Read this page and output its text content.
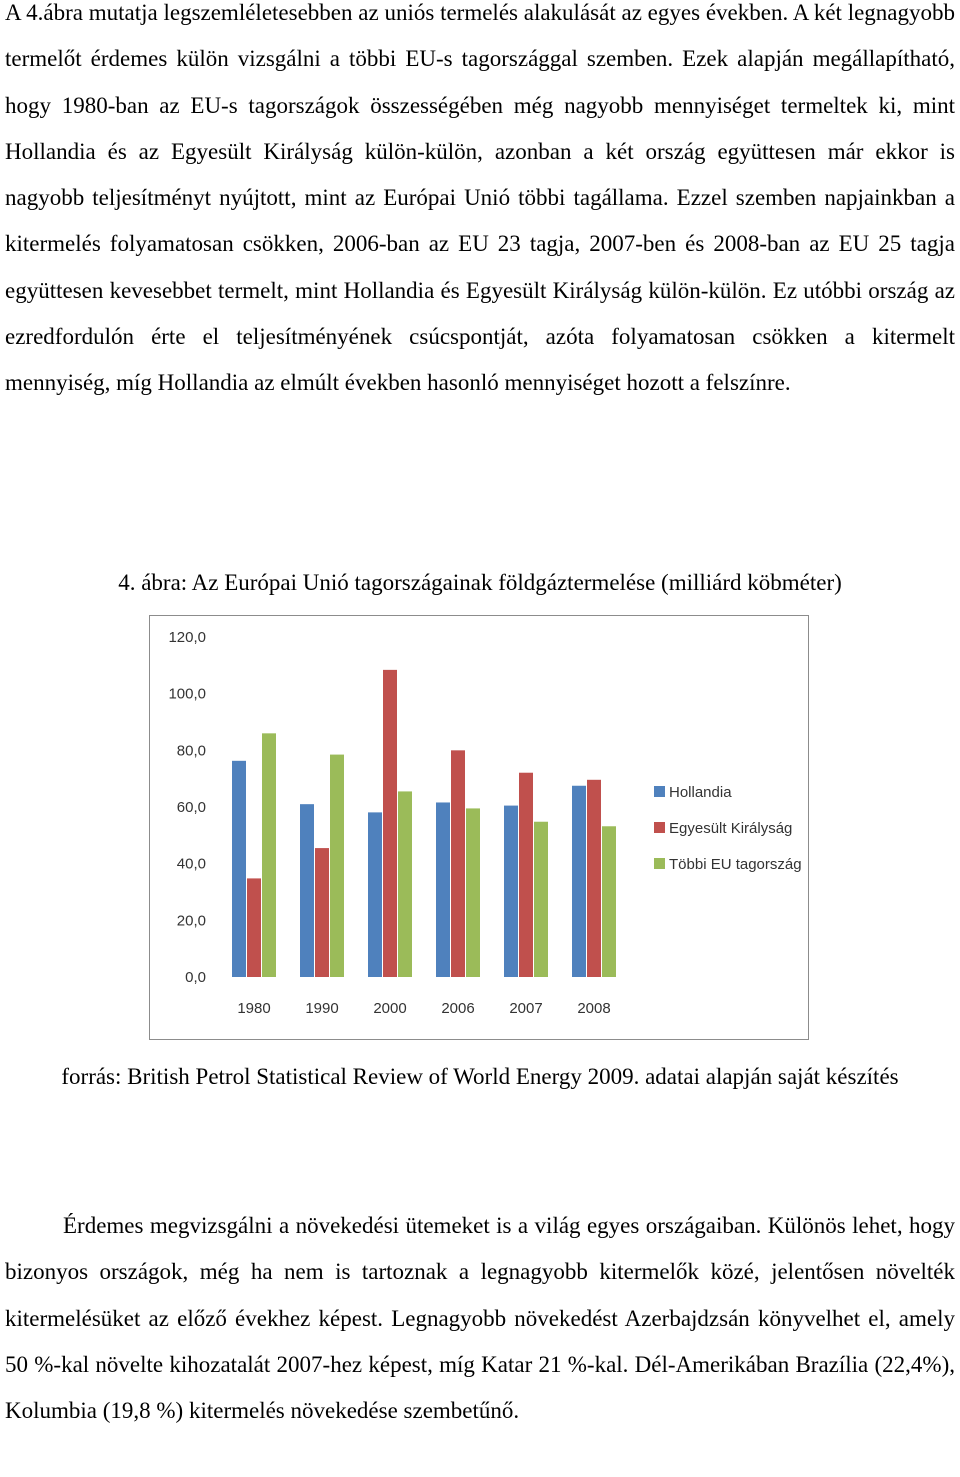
A 4.ábra mutatja legszemléletesebben az uniós termelés alakulását az egyes években. A két legnagyobb termelőt érdemes külön vizsgálni a többi EU-s tagországgal szemben. Ezek alapján megállapítható, hogy 1980-ban az EU-s tagországok összességében még nagyobb mennyiséget termeltek ki, mint Hollandia és az Egyesült Királyság külön-külön, azonban a két ország együttesen már ekkor is nagyobb teljesítményt nyújtott, mint az Európai Unió többi tagállama. Ezzel szemben napjainkban a kitermelés folyamatosan csökken, 2006-ban az EU 23 tagja, 2007-ben és 2008-ban az EU 25 tagja együttesen kevesebbet termelt, mint Hollandia és Egyesült Királyság külön-külön. Ez utóbbi ország az ezredfordulón érte el teljesítményének csúcspontját, azóta folyamatosan csökken a kitermelt mennyiség, míg Hollandia az elmúlt években hasonló mennyiséget hozott a felszínre.

4. ábra: Az Európai Unió tagországainak földgáztermelése (milliárd köbméter)

0,0
20,0
40,0
60,0
80,0
100,0
120,0
1980 1990 2000 2006 2007 2008
Hollandia
Egyesült Királyság
Többi EU tagország

forrás: British Petrol Statistical Review of World Energy 2009. adatai alapján saját készítés

Érdemes megvizsgálni a növekedési ütemeket is a világ egyes országaiban. Különös lehet, hogy bizonyos országok, még ha nem is tartoznak a legnagyobb kitermelők közé, jelentősen növelték kitermelésüket az előző évekhez képest. Legnagyobb növekedést Azerbajdzsán könyvelhet el, amely 50 %-kal növelte kihozatalát 2007-hez képest, míg Katar 21 %-kal. Dél-Amerikában Brazília (22,4%), Kolumbia (19,8 %) kitermelés növekedése szembetűnő.
